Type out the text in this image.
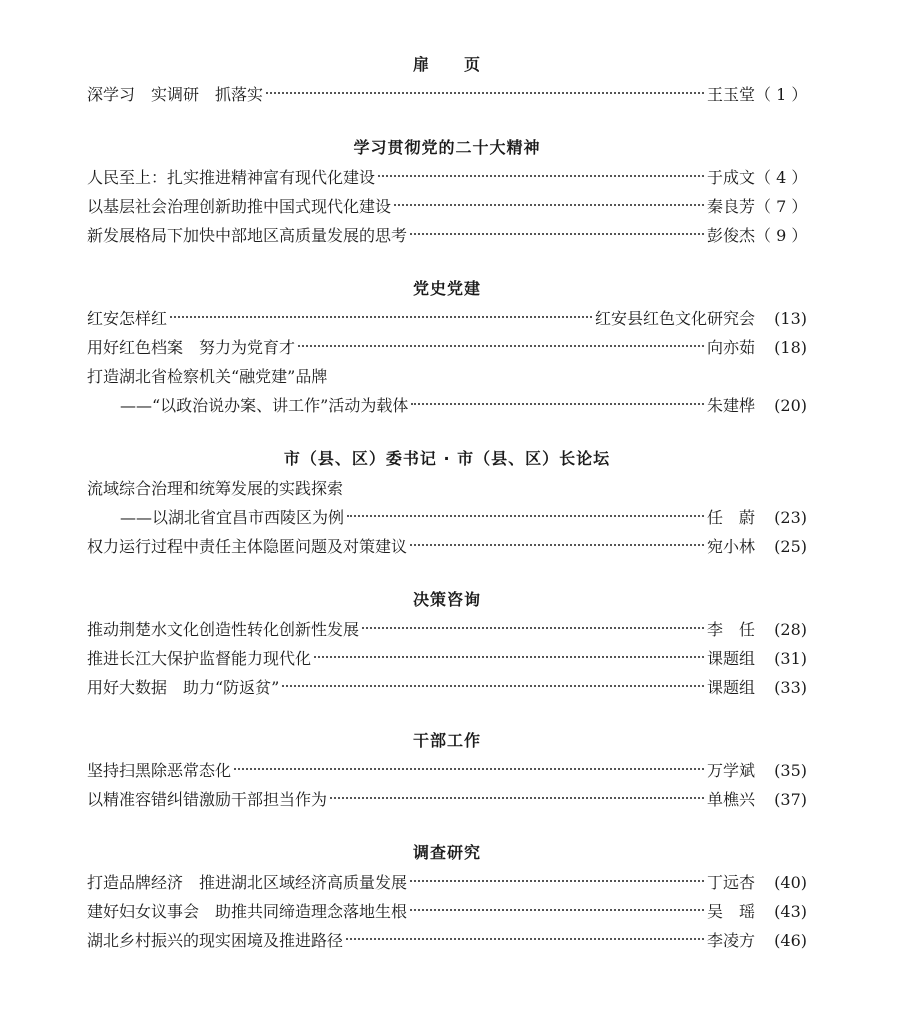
扉　　页
深学习　实调研　抓落实	王玉堂 （ 1 ）
学习贯彻党的二十大精神
人民至上：扎实推进精神富有现代化建设	于成文 （ 4 ）
以基层社会治理创新助推中国式现代化建设	秦良芳 （ 7 ）
新发展格局下加快中部地区高质量发展的思考	彭俊杰 （ 9 ）
党史党建
红安怎样红	红安县红色文化研究会	(13)
用好红色档案　努力为党育才	向亦茹	(18)
打造湖北省检察机关“融党建”品牌
——“以政治说办案、讲工作”活动为载体	朱建桦	(20)
市（县、区）委书记 · 市（县、区）长论坛
流域综合治理和统筹发展的实践探索
——以湖北省宜昌市西陵区为例	任　蔚	(23)
权力运行过程中责任主体隐匿问题及对策建议	宛小林	(25)
决策咨询
推动荆楚水文化创造性转化创新性发展	李　任	(28)
推进长江大保护监督能力现代化	课题组	(31)
用好大数据　助力“防返贫”	课题组	(33)
干部工作
坚持扫黑除恶常态化	万学斌	(35)
以精准容错纠错激励干部担当作为	单樵兴	(37)
调查研究
打造品牌经济　推进湖北区域经济高质量发展	丁远杏	(40)
建好妇女议事会　助推共同缔造理念落地生根	吴　瑶	(43)
湖北乡村振兴的现实困境及推进路径	李凌方	(46)
